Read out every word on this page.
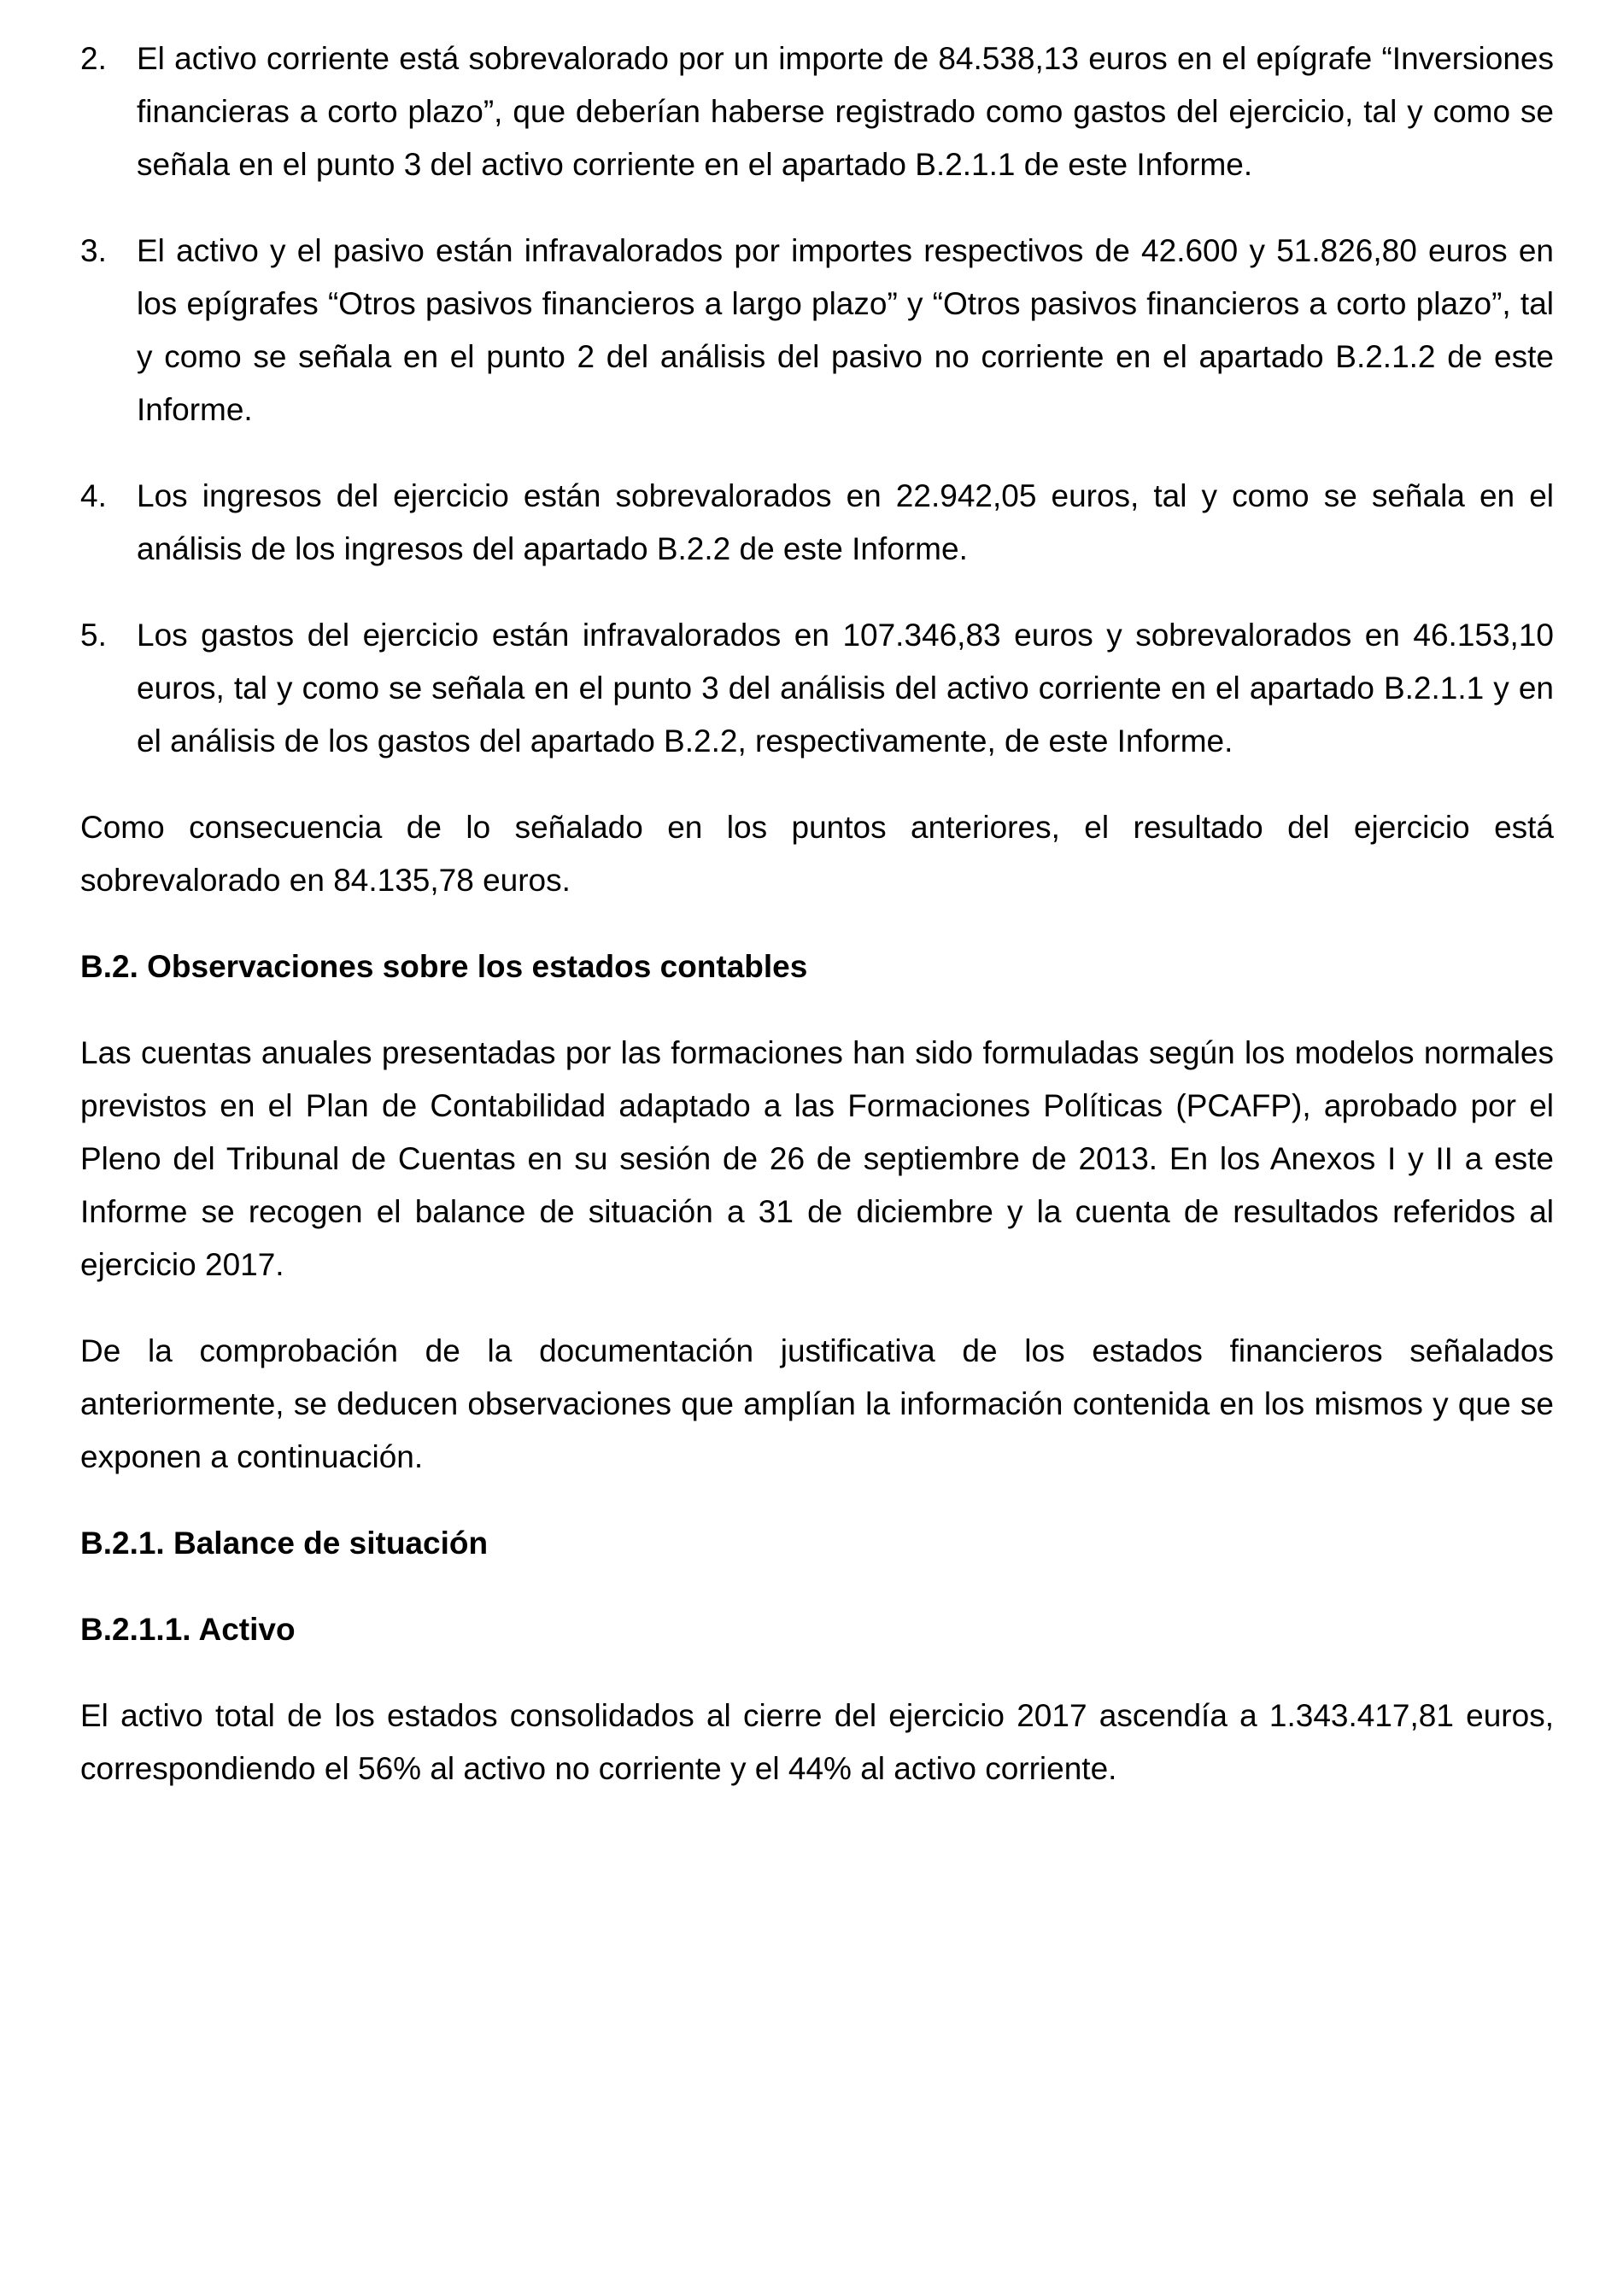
2. El activo corriente está sobrevalorado por un importe de 84.538,13 euros en el epígrafe “Inversiones financieras a corto plazo”, que deberían haberse registrado como gastos del ejercicio, tal y como se señala en el punto 3 del activo corriente en el apartado B.2.1.1 de este Informe.
3. El activo y el pasivo están infravalorados por importes respectivos de 42.600 y 51.826,80 euros en los epígrafes “Otros pasivos financieros a largo plazo” y “Otros pasivos financieros a corto plazo”, tal y como se señala en el punto 2 del análisis del pasivo no corriente en el apartado B.2.1.2 de este Informe.
4. Los ingresos del ejercicio están sobrevalorados en 22.942,05 euros, tal y como se señala en el análisis de los ingresos del apartado B.2.2 de este Informe.
5. Los gastos del ejercicio están infravalorados en 107.346,83 euros y sobrevalorados en 46.153,10 euros, tal y como se señala en el punto 3 del análisis del activo corriente en el apartado B.2.1.1 y en el análisis de los gastos del apartado B.2.2, respectivamente, de este Informe.

Como consecuencia de lo señalado en los puntos anteriores, el resultado del ejercicio está sobrevalorado en 84.135,78 euros.

B.2. Observaciones sobre los estados contables

Las cuentas anuales presentadas por las formaciones han sido formuladas según los modelos normales previstos en el Plan de Contabilidad adaptado a las Formaciones Políticas (PCAFP), aprobado por el Pleno del Tribunal de Cuentas en su sesión de 26 de septiembre de 2013. En los Anexos I y II a este Informe se recogen el balance de situación a 31 de diciembre y la cuenta de resultados referidos al ejercicio 2017.

De la comprobación de la documentación justificativa de los estados financieros señalados anteriormente, se deducen observaciones que amplían la información contenida en los mismos y que se exponen a continuación.

B.2.1. Balance de situación
B.2.1.1. Activo

El activo total de los estados consolidados al cierre del ejercicio 2017 ascendía a 1.343.417,81 euros, correspondiendo el 56% al activo no corriente y el 44% al activo corriente.
